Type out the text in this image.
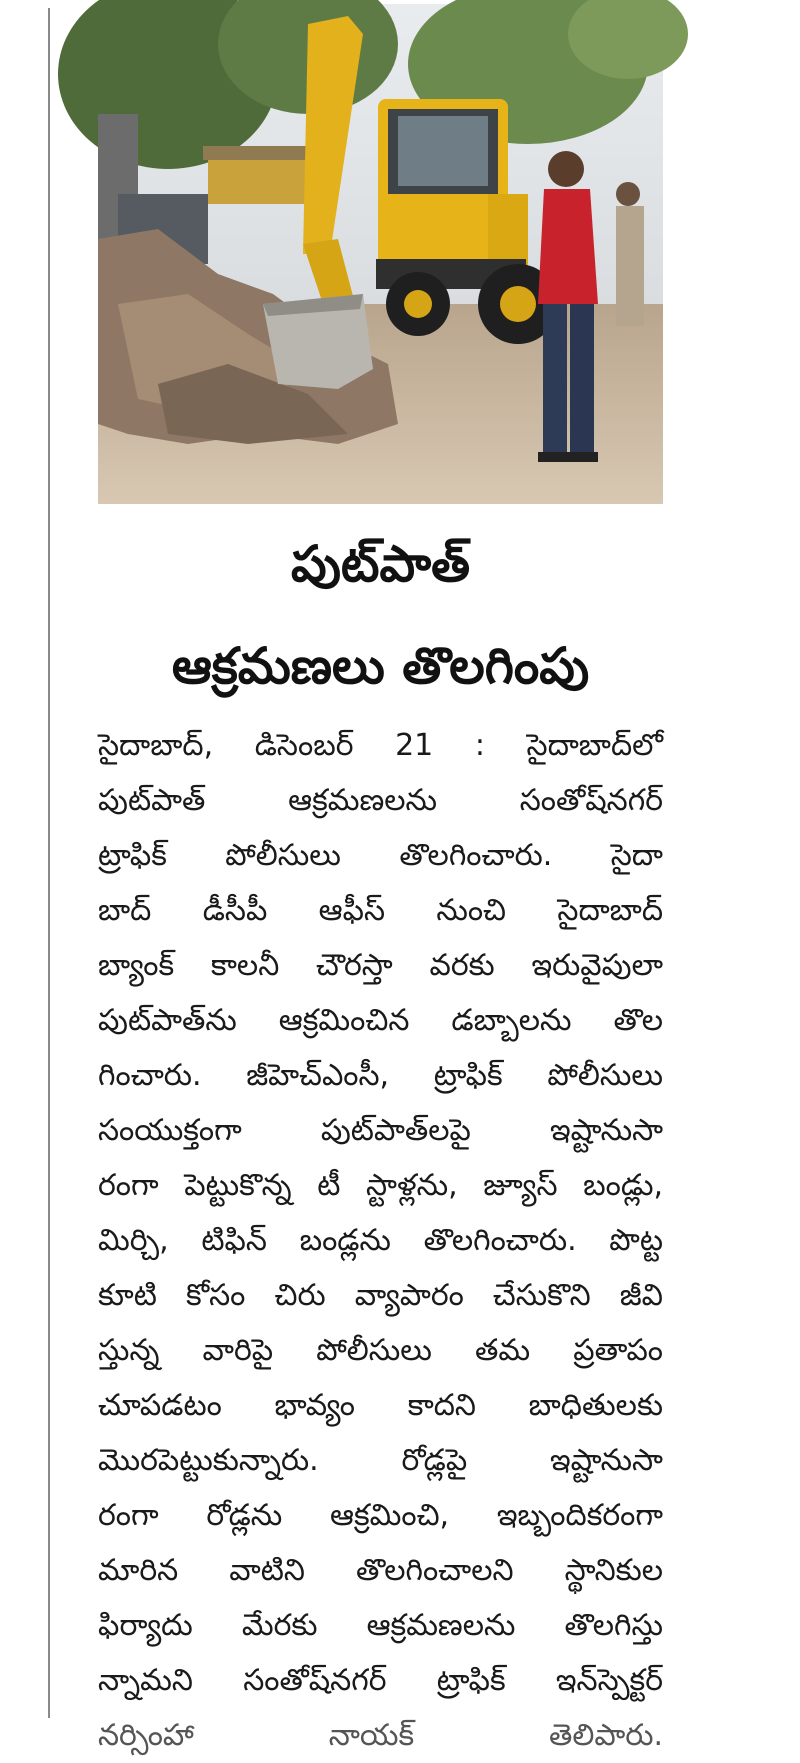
పుట్‌పాత్
ఆక్రమణలు తొలగింపు
సైదాబాద్, డిసెంబర్ 21 : సైదాబాద్‌లో
పుట్‌పాత్ ఆక్రమణలను సంతోష్‌నగర్
ట్రాఫిక్ పోలీసులు తొలగించారు. సైదా
బాద్ డీసీపీ ఆఫీస్ నుంచి సైదాబాద్
బ్యాంక్ కాలనీ చౌరస్తా వరకు ఇరువైపులా
పుట్‌పాత్‌ను ఆక్రమించిన డబ్బాలను తొల
గించారు. జీహెచ్ఎంసీ, ట్రాఫిక్ పోలీసులు
సంయుక్తంగా పుట్‌పాత్‌లపై ఇష్టానుసా
రంగా పెట్టుకొన్న టీ స్టాళ్లను, జ్యూస్ బండ్లు,
మిర్చి, టిఫిన్ బండ్లను తొలగించారు. పొట్ట
కూటి కోసం చిరు వ్యాపారం చేసుకొని జీవి
స్తున్న వారిపై పోలీసులు తమ ప్రతాపం
చూపడటం భావ్యం కాదని బాధితులకు
మొరపెట్టుకున్నారు. రోడ్లపై ఇష్టానుసా
రంగా రోడ్లను ఆక్రమించి, ఇబ్బందికరంగా
మారిన వాటిని తొలగించాలని స్థానికుల
ఫిర్యాదు మేరకు ఆక్రమణలను తొలగిస్తు
న్నామని సంతోష్‌నగర్ ట్రాఫిక్ ఇన్‌స్పెక్టర్
నర్సింహా నాయక్ తెలిపారు.
